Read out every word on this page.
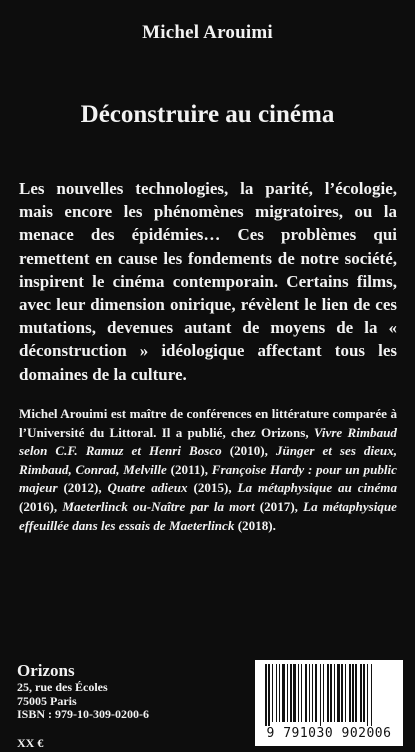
Michel Arouimi
Déconstruire au cinéma

Les nouvelles technologies, la parité, l’écologie, mais encore les phénomènes migratoires, ou la menace des épidémies… Ces problèmes qui remettent en cause les fondements de notre société, inspirent le cinéma contemporain. Certains films, avec leur dimension onirique, révèlent le lien de ces mutations, devenues autant de moyens de la « déconstruction » idéologique affectant tous les domaines de la culture.

Michel Arouimi est maître de conférences en littérature comparée à l’Université du Littoral. Il a publié, chez Orizons, Vivre Rimbaud selon C.F. Ramuz et Henri Bosco (2010), Jünger et ses dieux, Rimbaud, Conrad, Melville (2011), Françoise Hardy : pour un public majeur (2012), Quatre adieux (2015), La métaphysique au cinéma (2016), Maeterlinck ou-Naître par la mort (2017), La métaphysique effeuillée dans les essais de Maeterlinck (2018).

Orizons
25, rue des Écoles
75005 Paris
ISBN : 979-10-309-0200-6
XX €
9 791030 902006
